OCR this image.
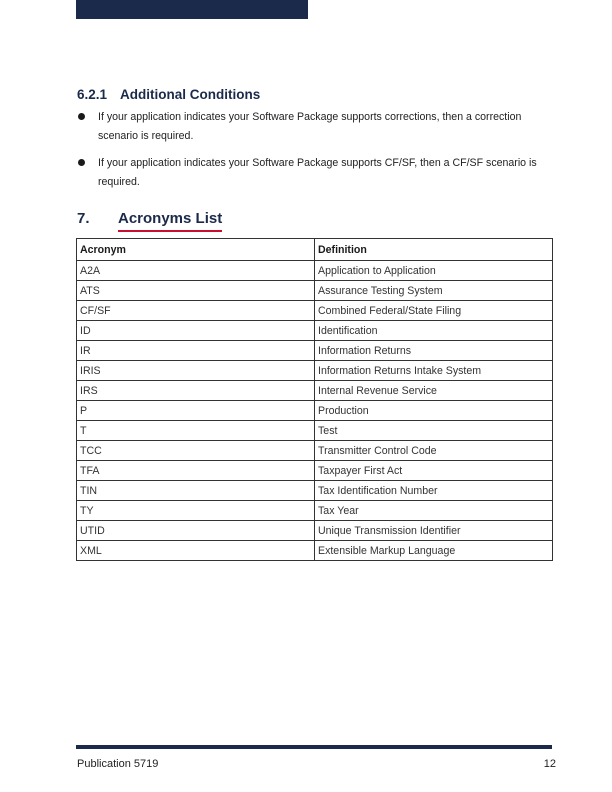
6.2.1 Additional Conditions
If your application indicates your Software Package supports corrections, then a correction scenario is required.
If your application indicates your Software Package supports CF/SF, then a CF/SF scenario is required.
7. Acronyms List
Acronym	Definition
A2A	Application to Application
ATS	Assurance Testing System
CF/SF	Combined Federal/State Filing
ID	Identification
IR	Information Returns
IRIS	Information Returns Intake System
IRS	Internal Revenue Service
P	Production
T	Test
TCC	Transmitter Control Code
TFA	Taxpayer First Act
TIN	Tax Identification Number
TY	Tax Year
UTID	Unique Transmission Identifier
XML	Extensible Markup Language
Publication 5719	12
